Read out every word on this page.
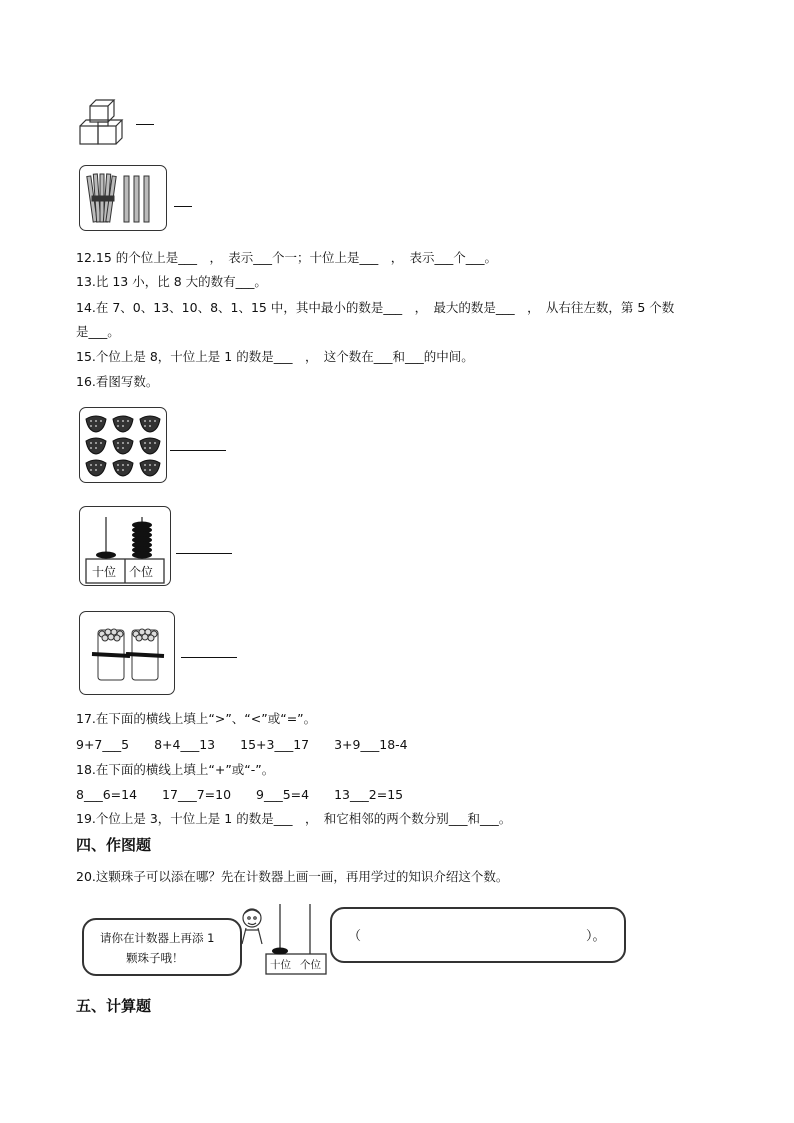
12.15 的个位上是___　，　表示___个一；十位上是___　，　表示___个___。
13.比 13 小，比 8 大的数有___。
14.在 7、0、13、10、8、1、15 中，其中最小的数是___　，　最大的数是___　，　从右往左数，第 5 个数
是___。
15.个位上是 8，十位上是 1 的数是___　，　这个数在___和___的中间。
16.看图写数。
十位 个位
17.在下面的横线上填上“>”、“<”或“=”。
9+7___5　　8+4___13　　15+3___17　　3+9___18-4
18.在下面的横线上填上“+”或“-”。
8___6=14　　17___7=10　　9___5=4　　13___2=15
19.个位上是 3，十位上是 1 的数是___　，　和它相邻的两个数分别___和___。
四、作图题
20.这颗珠子可以添在哪？先在计数器上画一画，再用学过的知识介绍这个数。
请你在计数器上再添 1
颗珠子哦！	十位 个位
（	）。
五、计算题
